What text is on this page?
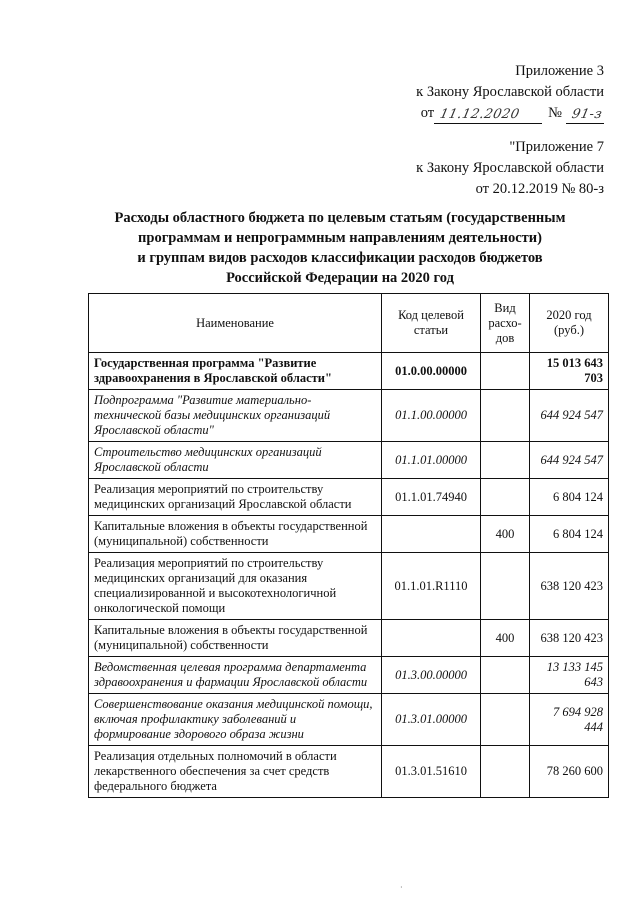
Приложение 3
к Закону Ярославской области
от 11.12.2020 № 91-з
"Приложение 7
к Закону Ярославской области
от 20.12.2019 № 80-з
Расходы областного бюджета по целевым статьям (государственным
программам и непрограммным направлениям деятельности)
и группам видов расходов классификации расходов бюджетов
Российской Федерации на 2020 год
Наименование	Код целевой статьи	Вид расхо-дов	2020 год (руб.)
Государственная программа "Развитие здравоохранения в Ярославской области"	01.0.00.00000		15 013 643 703
Подпрограмма "Развитие материально-технической базы медицинских организаций Ярославской области"	01.1.00.00000		644 924 547
Строительство медицинских организаций Ярославской области	01.1.01.00000		644 924 547
Реализация мероприятий по строительству медицинских организаций Ярославской области	01.1.01.74940		6 804 124
Капитальные вложения в объекты государственной (муниципальной) собственности		400	6 804 124
Реализация мероприятий по строительству медицинских организаций для оказания специализированной и высокотехнологичной онкологической помощи	01.1.01.R1110		638 120 423
Капитальные вложения в объекты государственной (муниципальной) собственности		400	638 120 423
Ведомственная целевая программа департамента здравоохранения и фармации Ярославской области	01.3.00.00000		13 133 145 643
Совершенствование оказания медицинской помощи, включая профилактику заболеваний и формирование здорового образа жизни	01.3.01.00000		7 694 928 444
Реализация отдельных полномочий в области лекарственного обеспечения за счет средств федерального бюджета	01.3.01.51610		78 260 600
·
